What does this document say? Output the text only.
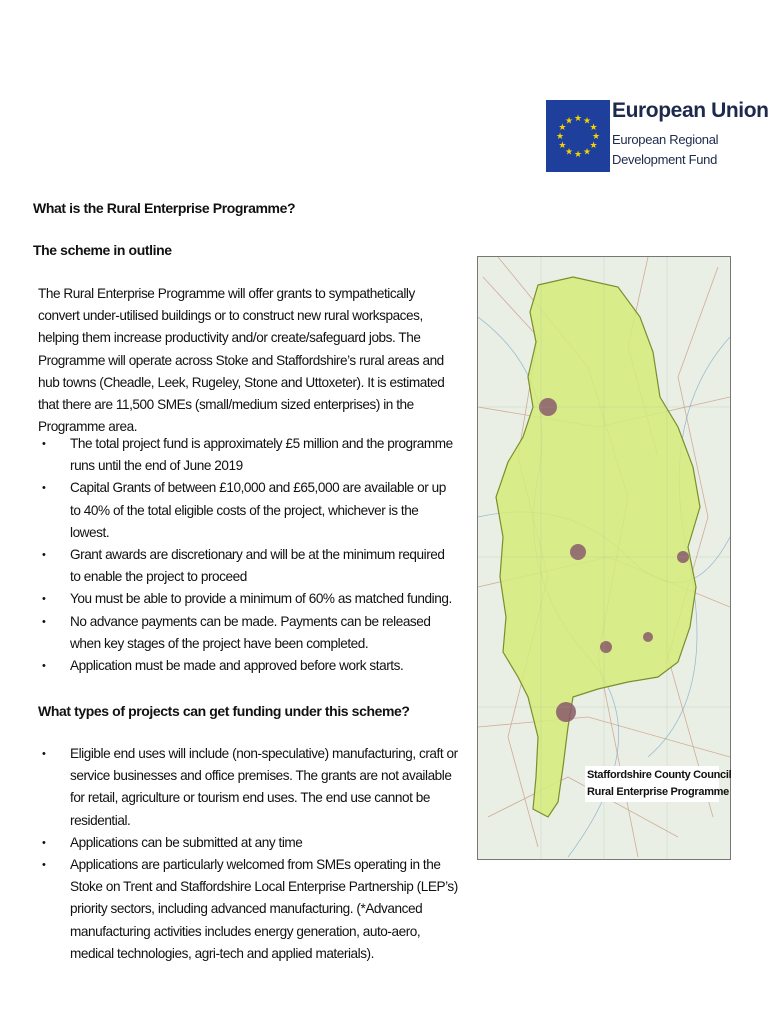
★ ★
★
★
★
★
★
★
★
★
★
★ European Union
European Regional
Development Fund
What is the Rural Enterprise Programme?
The scheme in outline
The Rural Enterprise Programme will offer grants to sympathetically convert under-utilised buildings or to construct new rural workspaces, helping them increase productivity and/or create/safeguard jobs. The Programme will operate across Stoke and Staffordshire’s rural areas and hub towns (Cheadle, Leek, Rugeley, Stone and Uttoxeter). It is estimated that there are 11,500 SMEs (small/medium sized enterprises) in the Programme area.
• The total project fund is approximately £5 million and the programme runs until the end of June 2019
• Capital Grants of between £10,000 and £65,000 are available or up to 40% of the total eligible costs of the project, whichever is the lowest.
• Grant awards are discretionary and will be at the minimum required to enable the project to proceed
• You must be able to provide a minimum of 60% as matched funding.
• No advance payments can be made. Payments can be released when key stages of the project have been completed.
• Application must be made and approved before work starts.
What types of projects can get funding under this scheme?
• Eligible end uses will include (non-speculative) manufacturing, craft or service businesses and office premises. The grants are not available for retail, agriculture or tourism end uses. The end use cannot be residential.
• Applications can be submitted at any time
• Applications are particularly welcomed from SMEs operating in the Stoke on Trent and Staffordshire Local Enterprise Partnership (LEP’s) priority sectors, including advanced manufacturing. (*Advanced manufacturing activities includes energy generation, auto-aero, medical technologies, agri-tech and applied materials).
Staffordshire County Council
Rural Enterprise Programme
